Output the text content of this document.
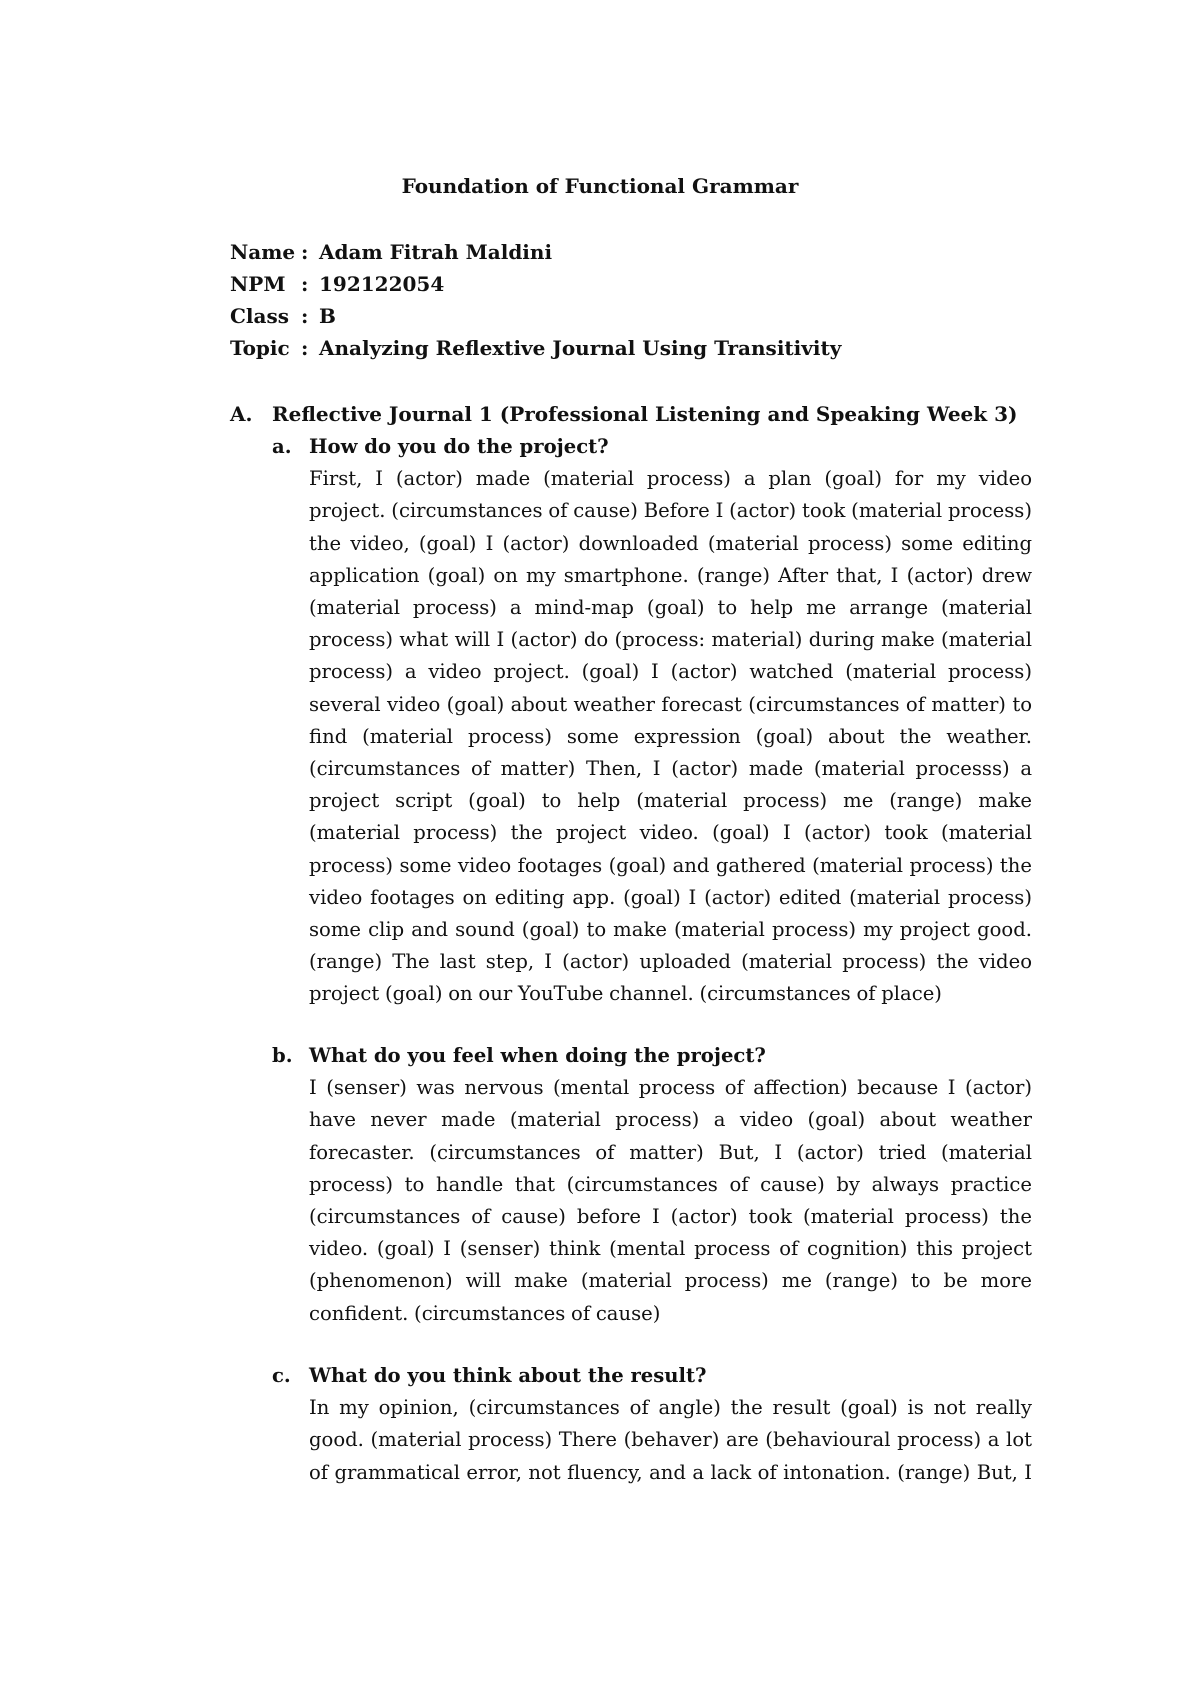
Foundation of Functional Grammar
Name : Adam Fitrah Maldini
NPM : 192122054
Class : B
Topic : Analyzing Reflextive Journal Using Transitivity
A. Reflective Journal 1 (Professional Listening and Speaking Week 3)
a. How do you do the project?
First, I (actor) made (material process) a plan (goal) for my video project. (circumstances of cause) Before I (actor) took (material process) the video, (goal) I (actor) downloaded (material process) some editing application (goal) on my smartphone. (range) After that, I (actor) drew (material process) a mind-map (goal) to help me arrange (material process) what will I (actor) do (process: material) during make (material process) a video project. (goal) I (actor) watched (material process) several video (goal) about weather forecast (circumstances of matter) to find (material process) some expression (goal) about the weather. (circumstances of matter) Then, I (actor) made (material processs) a project script (goal) to help (material process) me (range) make (material process) the project video. (goal) I (actor) took (material process) some video footages (goal) and gathered (material process) the video footages on editing app. (goal) I (actor) edited (material process) some clip and sound (goal) to make (material process) my project good. (range) The last step, I (actor) uploaded (material process) the video project (goal) on our YouTube channel. (circumstances of place)
b. What do you feel when doing the project?
I (senser) was nervous (mental process of affection) because I (actor) have never made (material process) a video (goal) about weather forecaster. (circumstances of matter) But, I (actor) tried (material process) to handle that (circumstances of cause) by always practice (circumstances of cause) before I (actor) took (material process) the video. (goal) I (senser) think (mental process of cognition) this project (phenomenon) will make (material process) me (range) to be more confident. (circumstances of cause)
c. What do you think about the result?
In my opinion, (circumstances of angle) the result (goal) is not really good. (material process) There (behaver) are (behavioural process) a lot of grammatical error, not fluency, and a lack of intonation. (range) But, I
